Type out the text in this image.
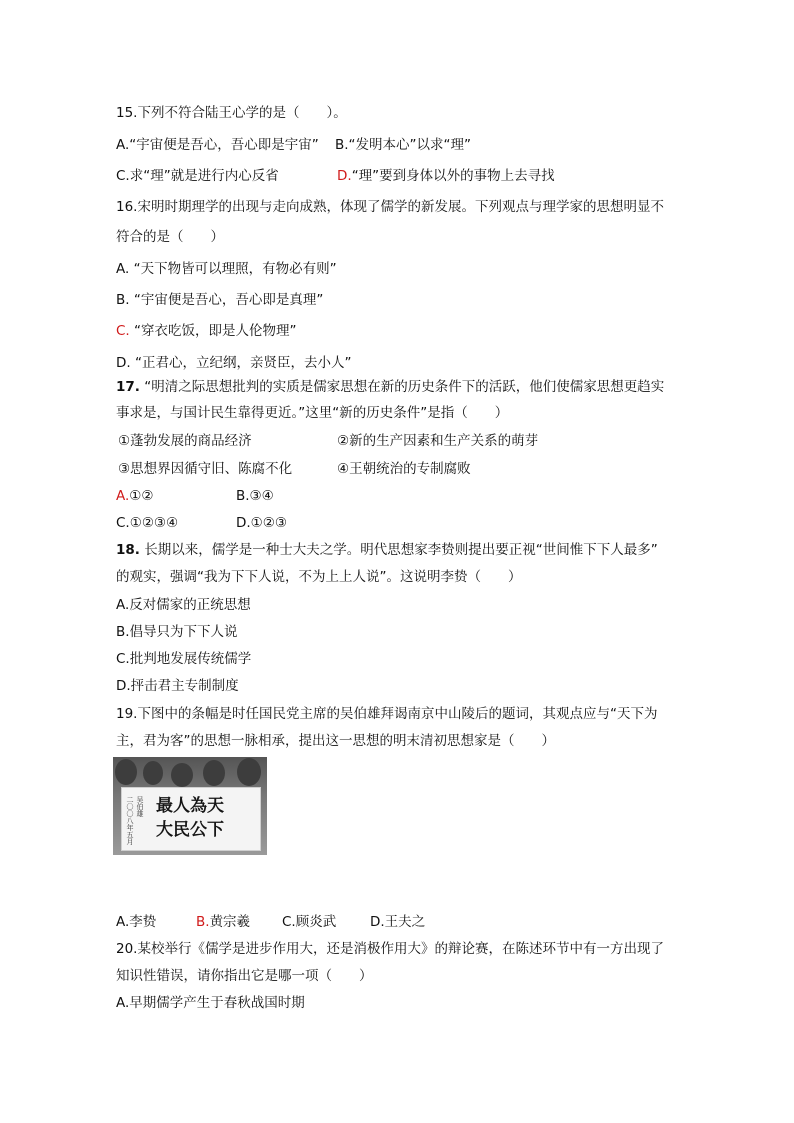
15.下列不符合陆王心学的是（　　）。
A.“宇宙便是吾心，吾心即是宇宙” B.“发明本心”以求“理”
C.求“理”就是进行内心反省	D.“理”要到身体以外的事物上去寻找
16.宋明时期理学的出现与走向成熟，体现了儒学的新发展。下列观点与理学家的思想明显不
符合的是（　　）
A. “天下物皆可以理照，有物必有则”
B. “宇宙便是吾心，吾心即是真理”
C. “穿衣吃饭，即是人伦物理”
D. “正君心，立纪纲，亲贤臣，去小人”
17. “明清之际思想批判的实质是儒家思想在新的历史条件下的活跃，他们使儒家思想更趋实
事求是，与国计民生靠得更近。”这里“新的历史条件”是指（　　）
①蓬勃发展的商品经济	②新的生产因素和生产关系的萌芽
③思想界因循守旧、陈腐不化	④王朝统治的专制腐败
A.①②	B.③④
C.①②③④	D.①②③
18. 长期以来，儒学是一种士大夫之学。明代思想家李贽则提出要正视“世间惟下下人最多”
的观实，强调“我为下下人说，不为上上人说”。这说明李贽（　　）
A.反对儒家的正统思想
B.倡导只为下下人说
C.批判地发展传统儒学
D.抨击君主专制制度
19.下图中的条幅是时任国民党主席的吴伯雄拜谒南京中山陵后的题词，其观点应与“天下为
主，君为客”的思想一脉相承，提出这一思想的明末清初思想家是（　　）
二〇〇八年五月 吴伯雄 最人為天
大民公下
A.李贽	B.黄宗羲 C.顾炎武	D.王夫之
20.某校举行《儒学是进步作用大，还是消极作用大》的辩论赛，在陈述环节中有一方出现了
知识性错误，请你指出它是哪一项（　　）
A.早期儒学产生于春秋战国时期
